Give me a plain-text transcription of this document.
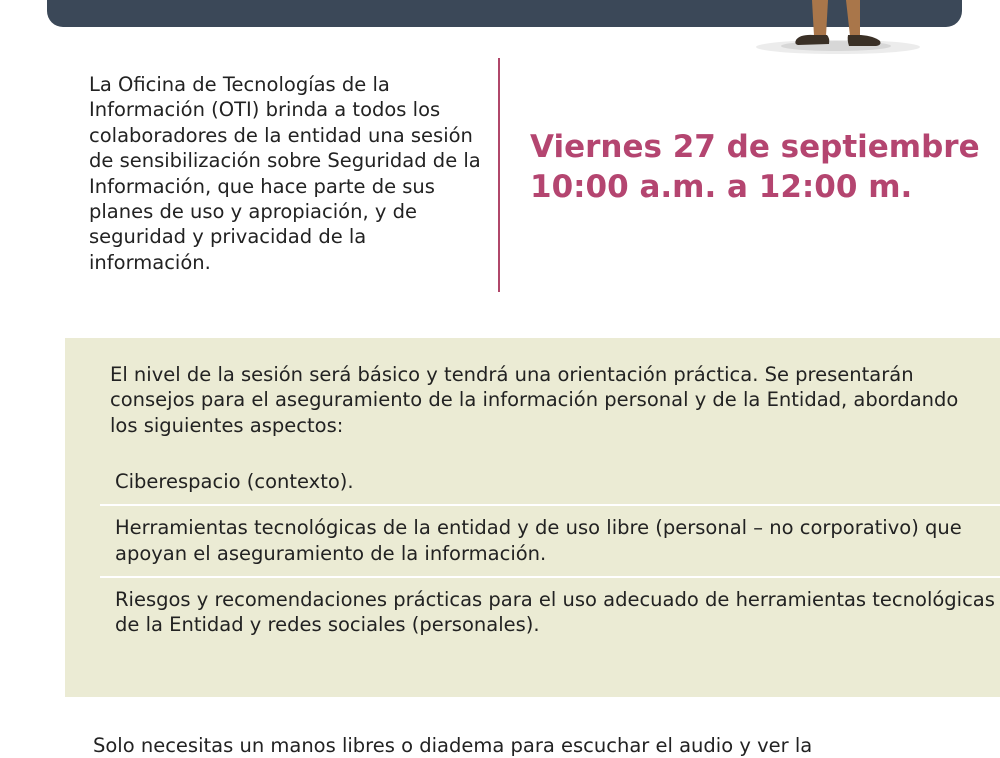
La Oficina de Tecnologías de la Información (OTI) brinda a todos los colaboradores de la entidad una sesión de sensibilización sobre Seguridad de la Información, que hace parte de sus planes de uso y apropiación, y de seguridad y privacidad de la información.
Viernes 27 de septiembre
10:00 a.m. a 12:00 m.
El nivel de la sesión será básico y tendrá una orientación práctica. Se presentarán consejos para el aseguramiento de la información personal y de la Entidad, abordando los siguientes aspectos:
Ciberespacio (contexto).
Herramientas tecnológicas de la entidad y de uso libre (personal – no corporativo) que apoyan el aseguramiento de la información.
Riesgos y recomendaciones prácticas para el uso adecuado de herramientas tecnológicas de la Entidad y redes sociales (personales).
Solo necesitas un manos libres o diadema para escuchar el audio y ver la
